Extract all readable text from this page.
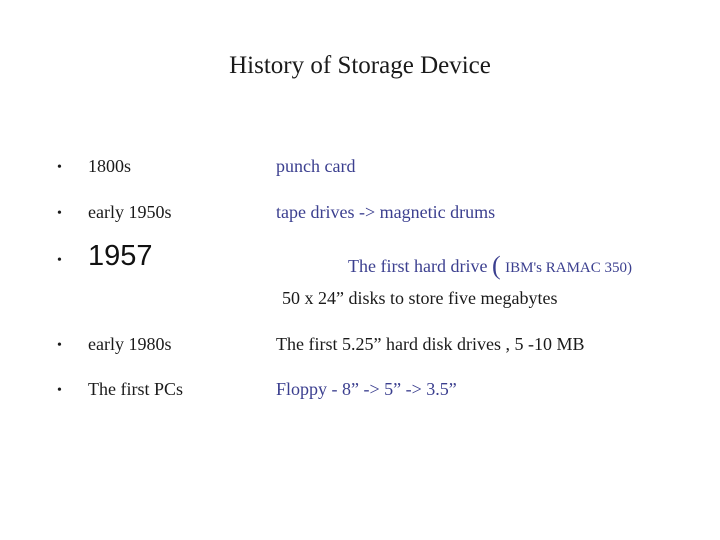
History of Storage Device
• 1800s	punch card
• early 1950s	tape drives -> magnetic drums
• 1957	The first hard drive ( IBM's RAMAC 350)
50 x 24” disks to store five megabytes
• early 1980s	The first 5.25” hard disk drives , 5 -10 MB
• The first PCs	Floppy - 8” -> 5” -> 3.5”
